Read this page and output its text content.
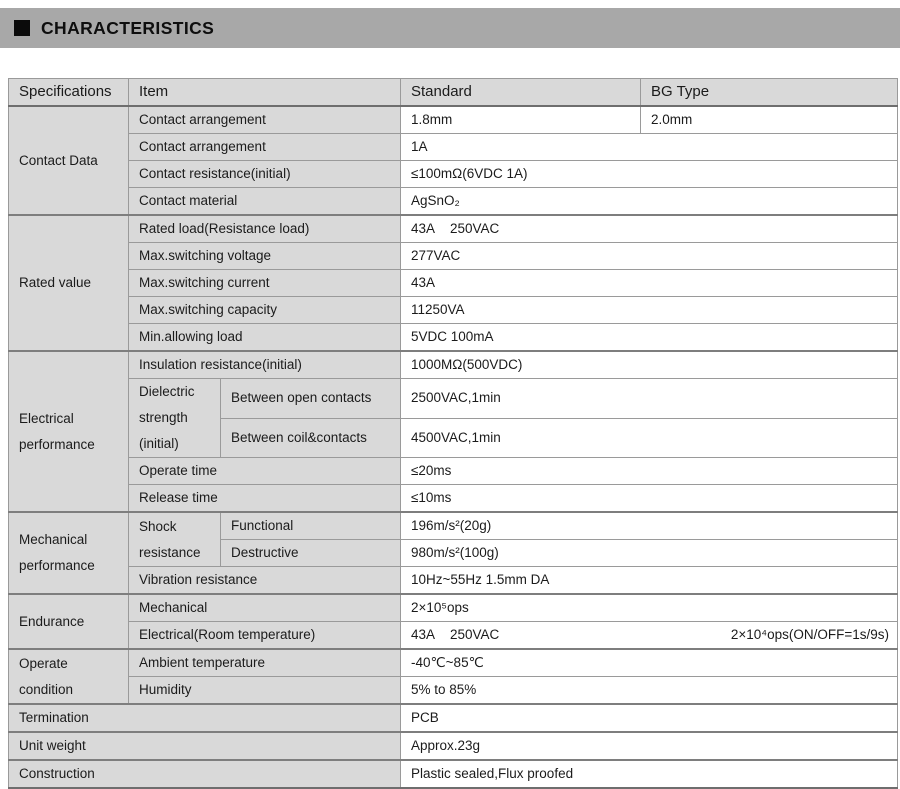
CHARACTERISTICS
Specifications	Item		Standard	BG Type
Contact Data	Contact arrangement		1.8mm	2.0mm
	Contact arrangement		1A	
	Contact resistance(initial)		≤100mΩ(6VDC 1A)	
	Contact material		AgSnO₂	
Rated value	Rated load(Resistance load)		43A    250VAC	
	Max.switching voltage		277VAC	
	Max.switching current		43A	
	Max.switching capacity		11250VA	
	Min.allowing load		5VDC 100mA	
Electrical performance	Insulation resistance(initial)		1000MΩ(500VDC)	
	Dielectric strength (initial)	Between open contacts	2500VAC,1min	
		Between coil&contacts	4500VAC,1min	
	Operate time		≤20ms	
	Release time		≤10ms	
Mechanical performance	Shock resistance	Functional	196m/s²(20g)	
		Destructive	980m/s²(100g)	
	Vibration resistance		10Hz~55Hz 1.5mm DA	
Endurance	Mechanical		2×10⁵ops	
	Electrical(Room temperature)		43A    250VAC 2×10⁴ops(ON/OFF=1s/9s)	

Operate condition	Ambient temperature		-40℃~85℃	
	Humidity		5% to 85%	
Termination			PCB	
Unit weight			Approx.23g	
Construction			Plastic sealed,Flux proofed	
